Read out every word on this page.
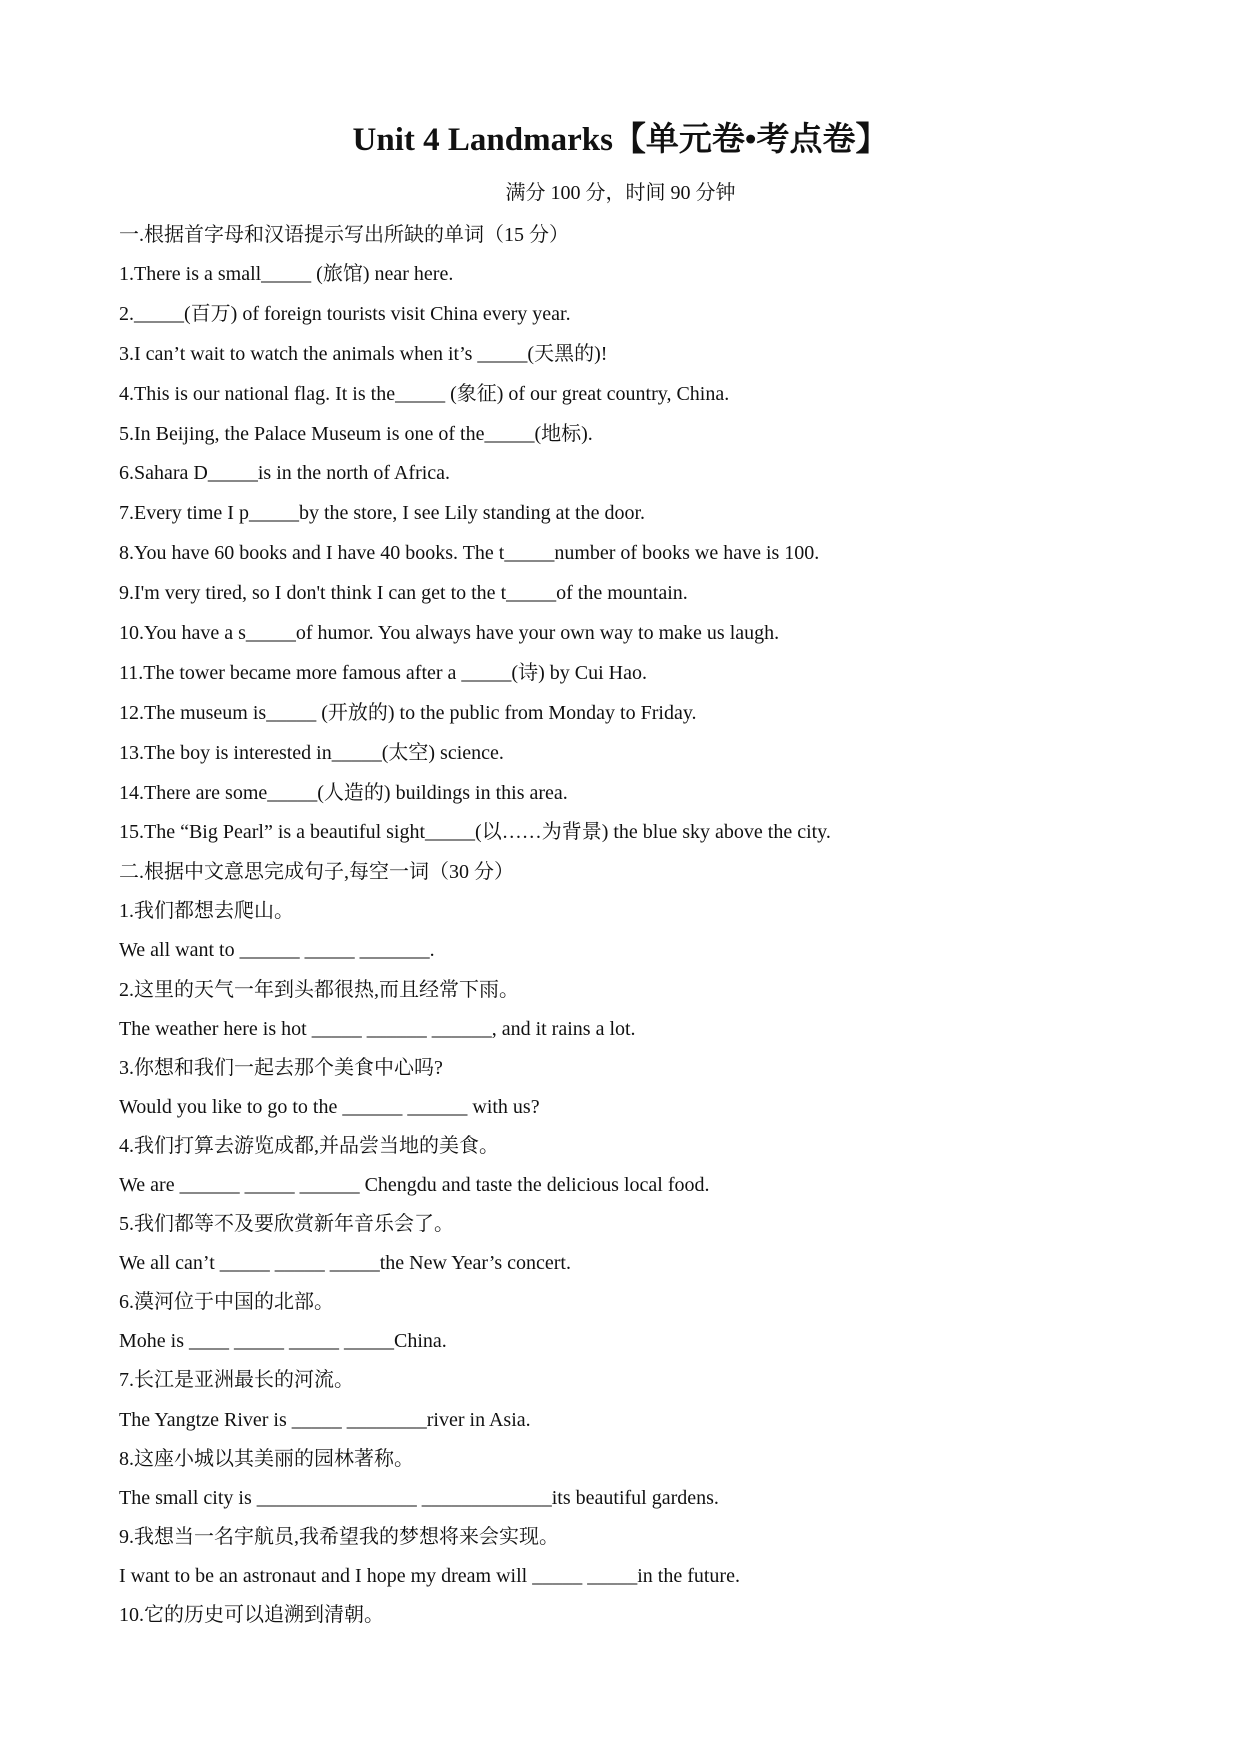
Unit 4 Landmarks【单元卷•考点卷】
满分 100 分，时间 90 分钟
一.根据首字母和汉语提示写出所缺的单词（15 分）
1.There is a small_____ (旅馆) near here.
2._____(百万) of foreign tourists visit China every year.
3.I can’t wait to watch the animals when it’s _____(天黑的)!
4.This is our national flag. It is the_____ (象征) of our great country, China.
5.In Beijing, the Palace Museum is one of the_____(地标).
6.Sahara D_____is in the north of Africa.
7.Every time I p_____by the store, I see Lily standing at the door.
8.You have 60 books and I have 40 books. The t_____number of books we have is 100.
9.I'm very tired, so I don't think I can get to the t_____of the mountain.
10.You have a s_____of humor. You always have your own way to make us laugh.
11.The tower became more famous after a _____(诗) by Cui Hao.
12.The museum is_____ (开放的) to the public from Monday to Friday.
13.The boy is interested in_____(太空) science.
14.There are some_____(人造的) buildings in this area.
15.The “Big Pearl” is a beautiful sight_____(以……为背景) the blue sky above the city.
二.根据中文意思完成句子,每空一词（30 分）
1.我们都想去爬山。
We all want to ______ _____ _______.
2.这里的天气一年到头都很热,而且经常下雨。
The weather here is hot _____ ______ ______, and it rains a lot.
3.你想和我们一起去那个美食中心吗?
Would you like to go to the ______ ______ with us?
4.我们打算去游览成都,并品尝当地的美食。
We are ______ _____ ______ Chengdu and taste the delicious local food.
5.我们都等不及要欣赏新年音乐会了。
We all can’t _____ _____ _____the New Year’s concert.
6.漠河位于中国的北部。
Mohe is ____ _____ _____ _____China.
7.长江是亚洲最长的河流。
The Yangtze River is _____ ________river in Asia.
8.这座小城以其美丽的园林著称。
The small city is ________________ _____________its beautiful gardens.
9.我想当一名宇航员,我希望我的梦想将来会实现。
I want to be an astronaut and I hope my dream will _____ _____in the future.
10.它的历史可以追溯到清朝。
